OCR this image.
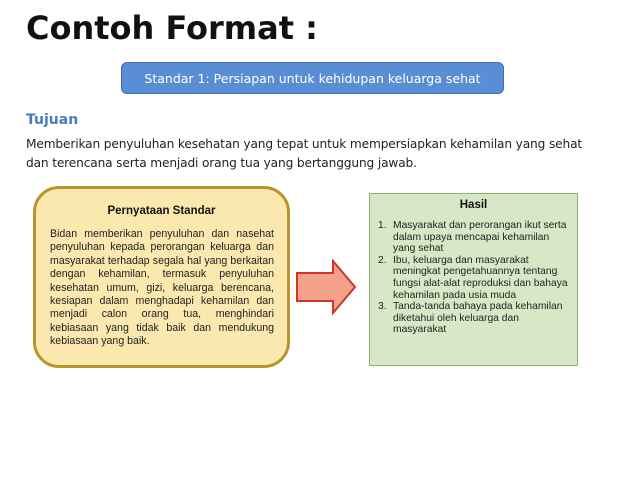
Contoh Format :
Standar 1: Persiapan untuk kehidupan keluarga sehat
Tujuan
Memberikan penyuluhan kesehatan yang tepat untuk mempersiapkan kehamilan yang sehat dan terencana serta menjadi orang tua yang bertanggung jawab.
Pernyataan Standar
Bidan memberikan penyuluhan dan nasehat penyuluhan kepada perorangan keluarga dan masyarakat terhadap segala hal yang berkaitan dengan kehamilan, termasuk penyuluhan kesehatan umum, gizi, keluarga berencana, kesiapan dalam menghadapi kehamilan dan menjadi calon orang tua, menghindari kebiasaan yang tidak baik dan mendukung kebiasaan yang baik.
Hasil
1. Masyarakat dan perorangan ikut serta dalam upaya mencapai kehamilan yang sehat
2. Ibu, keluarga dan masyarakat meningkat pengetahuannya tentang fungsi alat-alat reproduksi dan bahaya kehamilan pada usia muda
3. Tanda-tanda bahaya pada kehamilan diketahui oleh keluarga dan masyarakat
